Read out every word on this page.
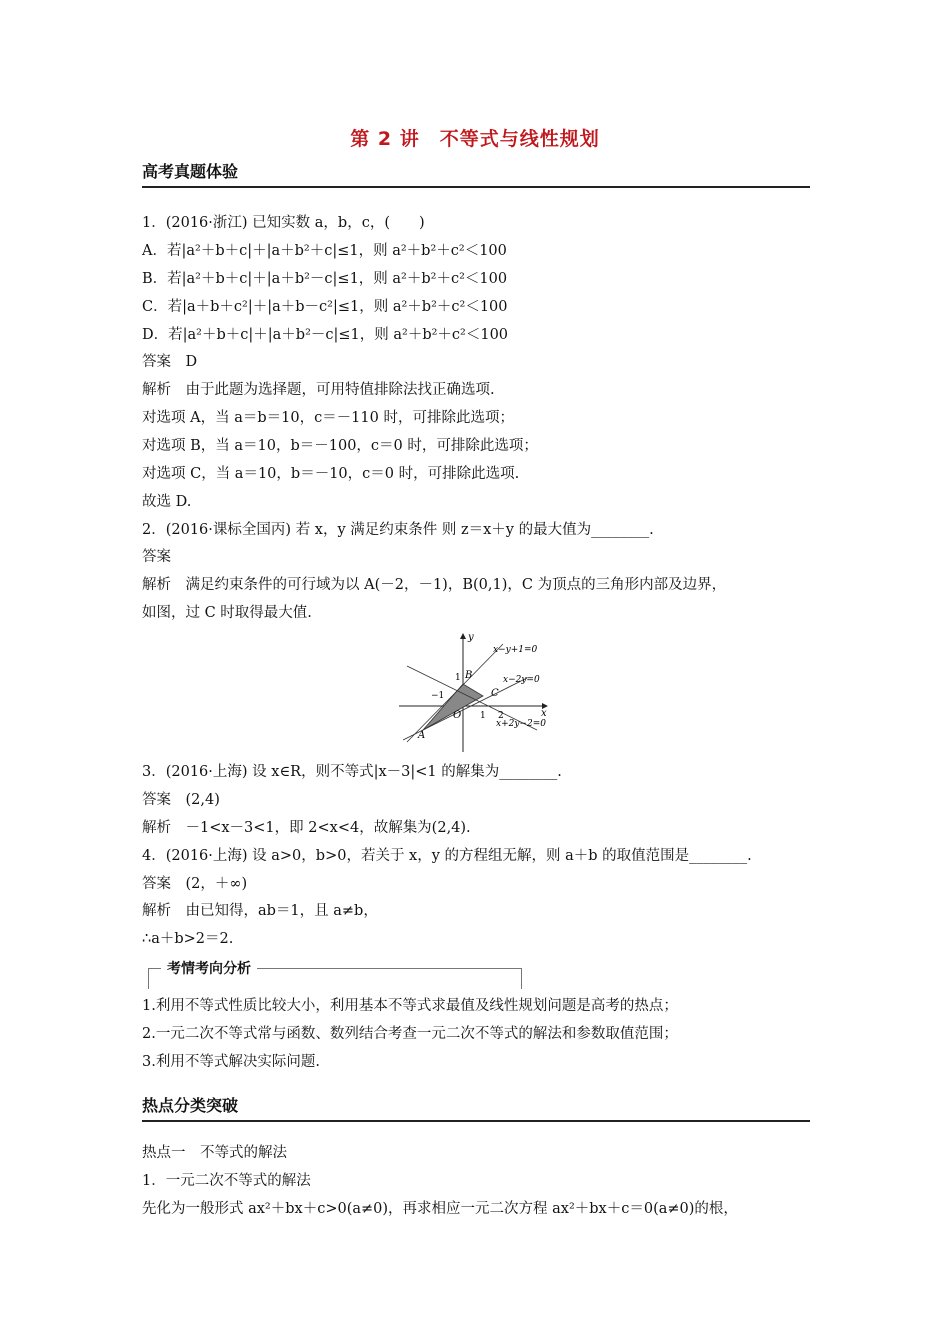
第 2 讲　不等式与线性规划
高考真题体验
1．(2016·浙江) 已知实数 a，b，c，(　　)
A．若|a²＋b＋c|＋|a＋b²＋c|≤1，则 a²＋b²＋c²＜100
B．若|a²＋b＋c|＋|a＋b²－c|≤1，则 a²＋b²＋c²＜100
C．若|a＋b＋c²|＋|a＋b－c²|≤1，则 a²＋b²＋c²＜100
D．若|a²＋b＋c|＋|a＋b²－c|≤1，则 a²＋b²＋c²＜100
答案　D
解析　由于此题为选择题，可用特值排除法找正确选项.
对选项 A，当 a＝b＝10，c＝－110 时，可排除此选项；
对选项 B，当 a＝10，b＝－100，c＝0 时，可排除此选项；
对选项 C，当 a＝10，b＝－10，c＝0 时，可排除此选项.
故选 D.
2．(2016·课标全国丙) 若 x，y 满足约束条件 则 z＝x＋y 的最大值为________.
答案
解析　满足约束条件的可行域为以 A(－2，－1)，B(0,1)，C 为顶点的三角形内部及边界，
如图，过 C 时取得最大值.
y
x
x−y+1=0
x−2y=0
x+2y−2=0
B
C
A
O
1
−1
1 2
3．(2016·上海) 设 x∈R，则不等式|x－3|<1 的解集为________.
答案　(2,4)
解析　－1<x－3<1，即 2<x<4，故解集为(2,4).
4．(2016·上海) 设 a>0，b>0，若关于 x，y 的方程组无解，则 a＋b 的取值范围是________.
答案　(2，＋∞)
解析　由已知得，ab＝1，且 a≠b，
∴a＋b>2＝2.
考情考向分析
1.利用不等式性质比较大小，利用基本不等式求最值及线性规划问题是高考的热点；
2.一元二次不等式常与函数、数列结合考查一元二次不等式的解法和参数取值范围；
3.利用不等式解决实际问题.
热点分类突破
热点一　不等式的解法
1．一元二次不等式的解法
先化为一般形式 ax²＋bx＋c>0(a≠0)，再求相应一元二次方程 ax²＋bx＋c＝0(a≠0)的根，
